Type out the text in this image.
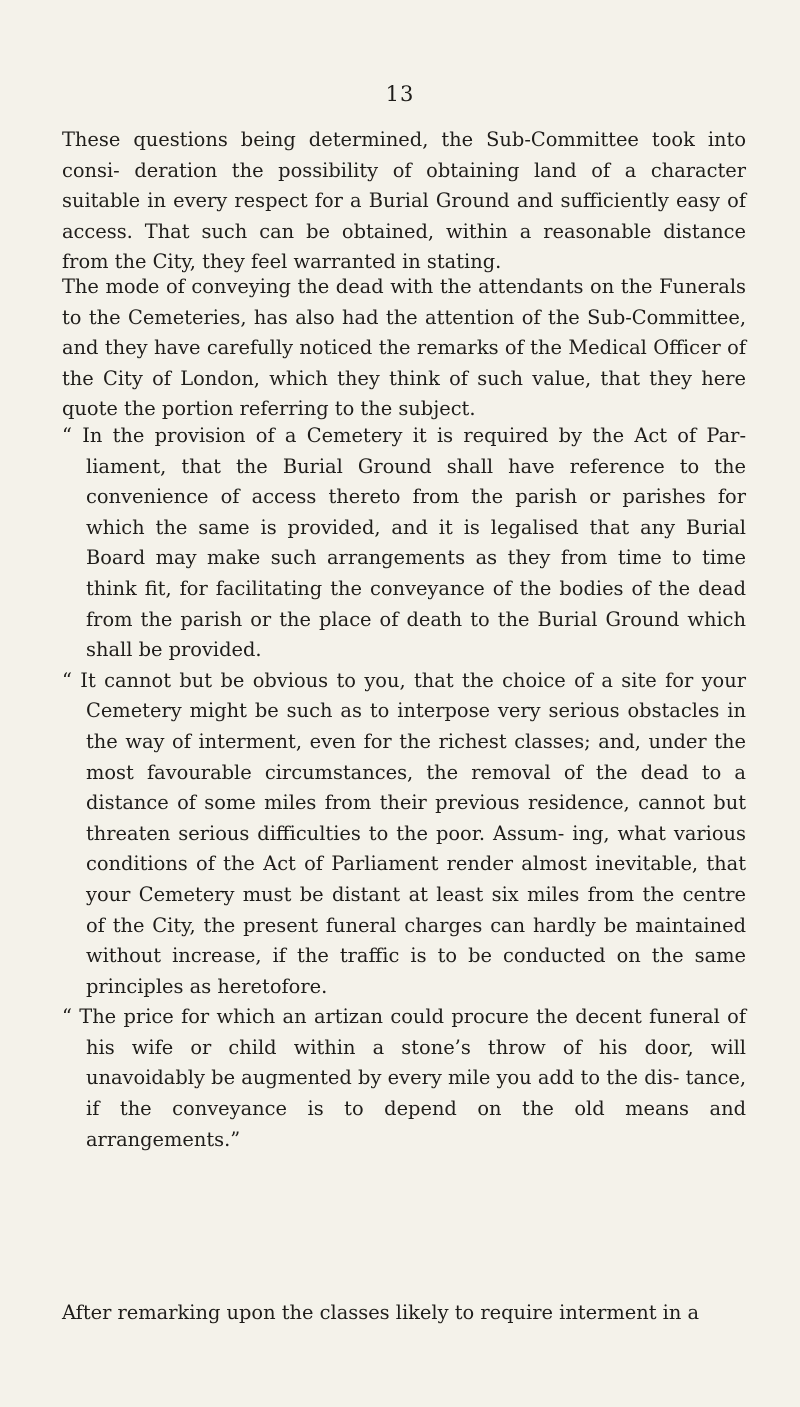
13

These questions being determined, the Sub-Committee took into consi- deration the possibility of obtaining land of a character suitable in every respect for a Burial Ground and sufficiently easy of access. That such can be obtained, within a reasonable distance from the City, they feel warranted in stating.

The mode of conveying the dead with the attendants on the Funerals to the Cemeteries, has also had the attention of the Sub-Committee, and they have carefully noticed the remarks of the Medical Officer of the City of London, which they think of such value, that they here quote the portion referring to the subject.

“ In the provision of a Cemetery it is required by the Act of Par- liament, that the Burial Ground shall have reference to the convenience of access thereto from the parish or parishes for which the same is provided, and it is legalised that any Burial Board may make such arrangements as they from time to time think fit, for facilitating the conveyance of the bodies of the dead from the parish or the place of death to the Burial Ground which shall be provided.

“ It cannot but be obvious to you, that the choice of a site for your Cemetery might be such as to interpose very serious obstacles in the way of interment, even for the richest classes; and, under the most favourable circumstances, the removal of the dead to a distance of some miles from their previous residence, cannot but threaten serious difficulties to the poor. Assum- ing, what various conditions of the Act of Parliament render almost inevitable, that your Cemetery must be distant at least six miles from the centre of the City, the present funeral charges can hardly be maintained without increase, if the traffic is to be conducted on the same principles as heretofore.

“ The price for which an artizan could procure the decent funeral of his wife or child within a stone’s throw of his door, will unavoidably be augmented by every mile you add to the dis- tance, if the conveyance is to depend on the old means and arrangements.”

After remarking upon the classes likely to require interment in a
